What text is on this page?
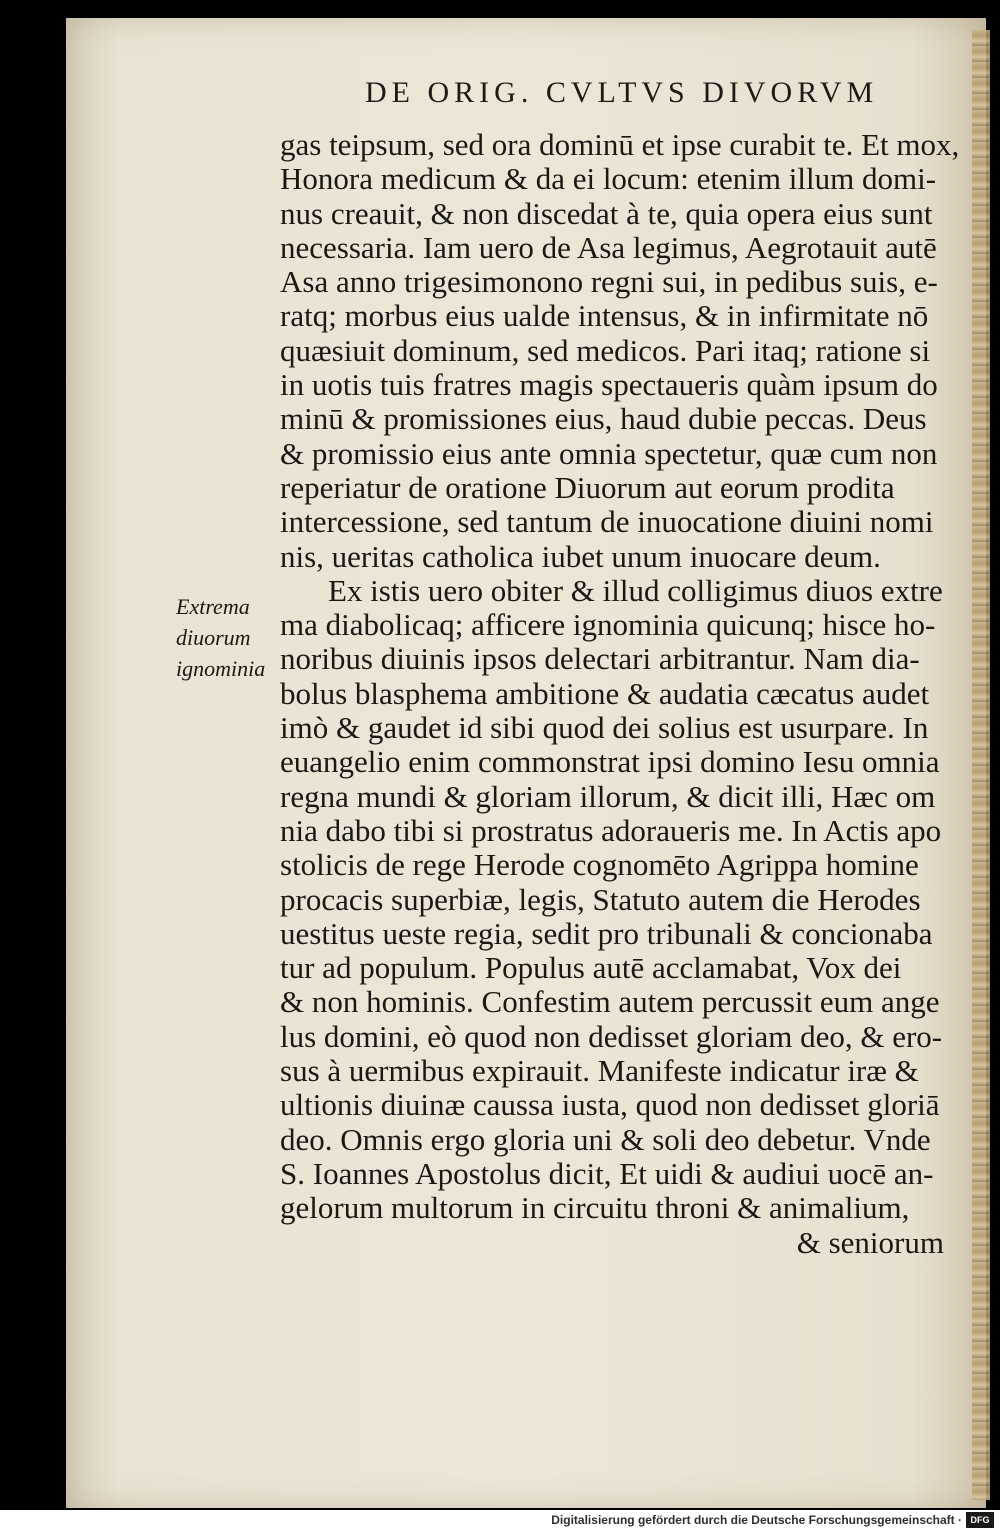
DE ORIG. CVLTVS DIVORVM
Extrema
diuorum
ignominia
gas teipsum, sed ora dominū et ipse curabit te. Et mox,
Honora medicum & da ei locum: etenim illum domi-
nus creauit, & non discedat à te, quia opera eius sunt
necessaria. Iam uero de Asa legimus, Aegrotauit autē
Asa anno trigesimonono regni sui, in pedibus suis, e-
ratq; morbus eius ualde intensus, & in infirmitate nō
quæsiuit dominum, sed medicos. Pari itaq; ratione si
in uotis tuis fratres magis spectaueris quàm ipsum do
minū & promissiones eius, haud dubie peccas. Deus
& promissio eius ante omnia spectetur, quæ cum non
reperiatur de oratione Diuorum aut eorum prodita
intercessione, sed tantum de inuocatione diuini nomi
nis, ueritas catholica iubet unum inuocare deum.
Ex istis uero obiter & illud colligimus diuos extre
ma diabolicaq; afficere ignominia quicunq; hisce ho-
noribus diuinis ipsos delectari arbitrantur. Nam dia-
bolus blasphema ambitione & audatia cæcatus audet
imò & gaudet id sibi quod dei solius est usurpare. In
euangelio enim commonstrat ipsi domino Iesu omnia
regna mundi & gloriam illorum, & dicit illi, Hæc om
nia dabo tibi si prostratus adoraueris me. In Actis apo
stolicis de rege Herode cognomēto Agrippa homine
procacis superbiæ, legis, Statuto autem die Herodes
uestitus ueste regia, sedit pro tribunali & concionaba
tur ad populum. Populus autē acclamabat, Vox dei
& non hominis. Confestim autem percussit eum ange
lus domini, eò quod non dedisset gloriam deo, & ero-
sus à uermibus expirauit. Manifeste indicatur iræ &
ultionis diuinæ caussa iusta, quod non dedisset gloriā
deo. Omnis ergo gloria uni & soli deo debetur. Vnde
S. Ioannes Apostolus dicit, Et uidi & audiui uocē an-
gelorum multorum in circuitu throni & animalium,
& seniorum
Digitalisierung gefördert durch die Deutsche Forschungsgemeinschaft · DFG
